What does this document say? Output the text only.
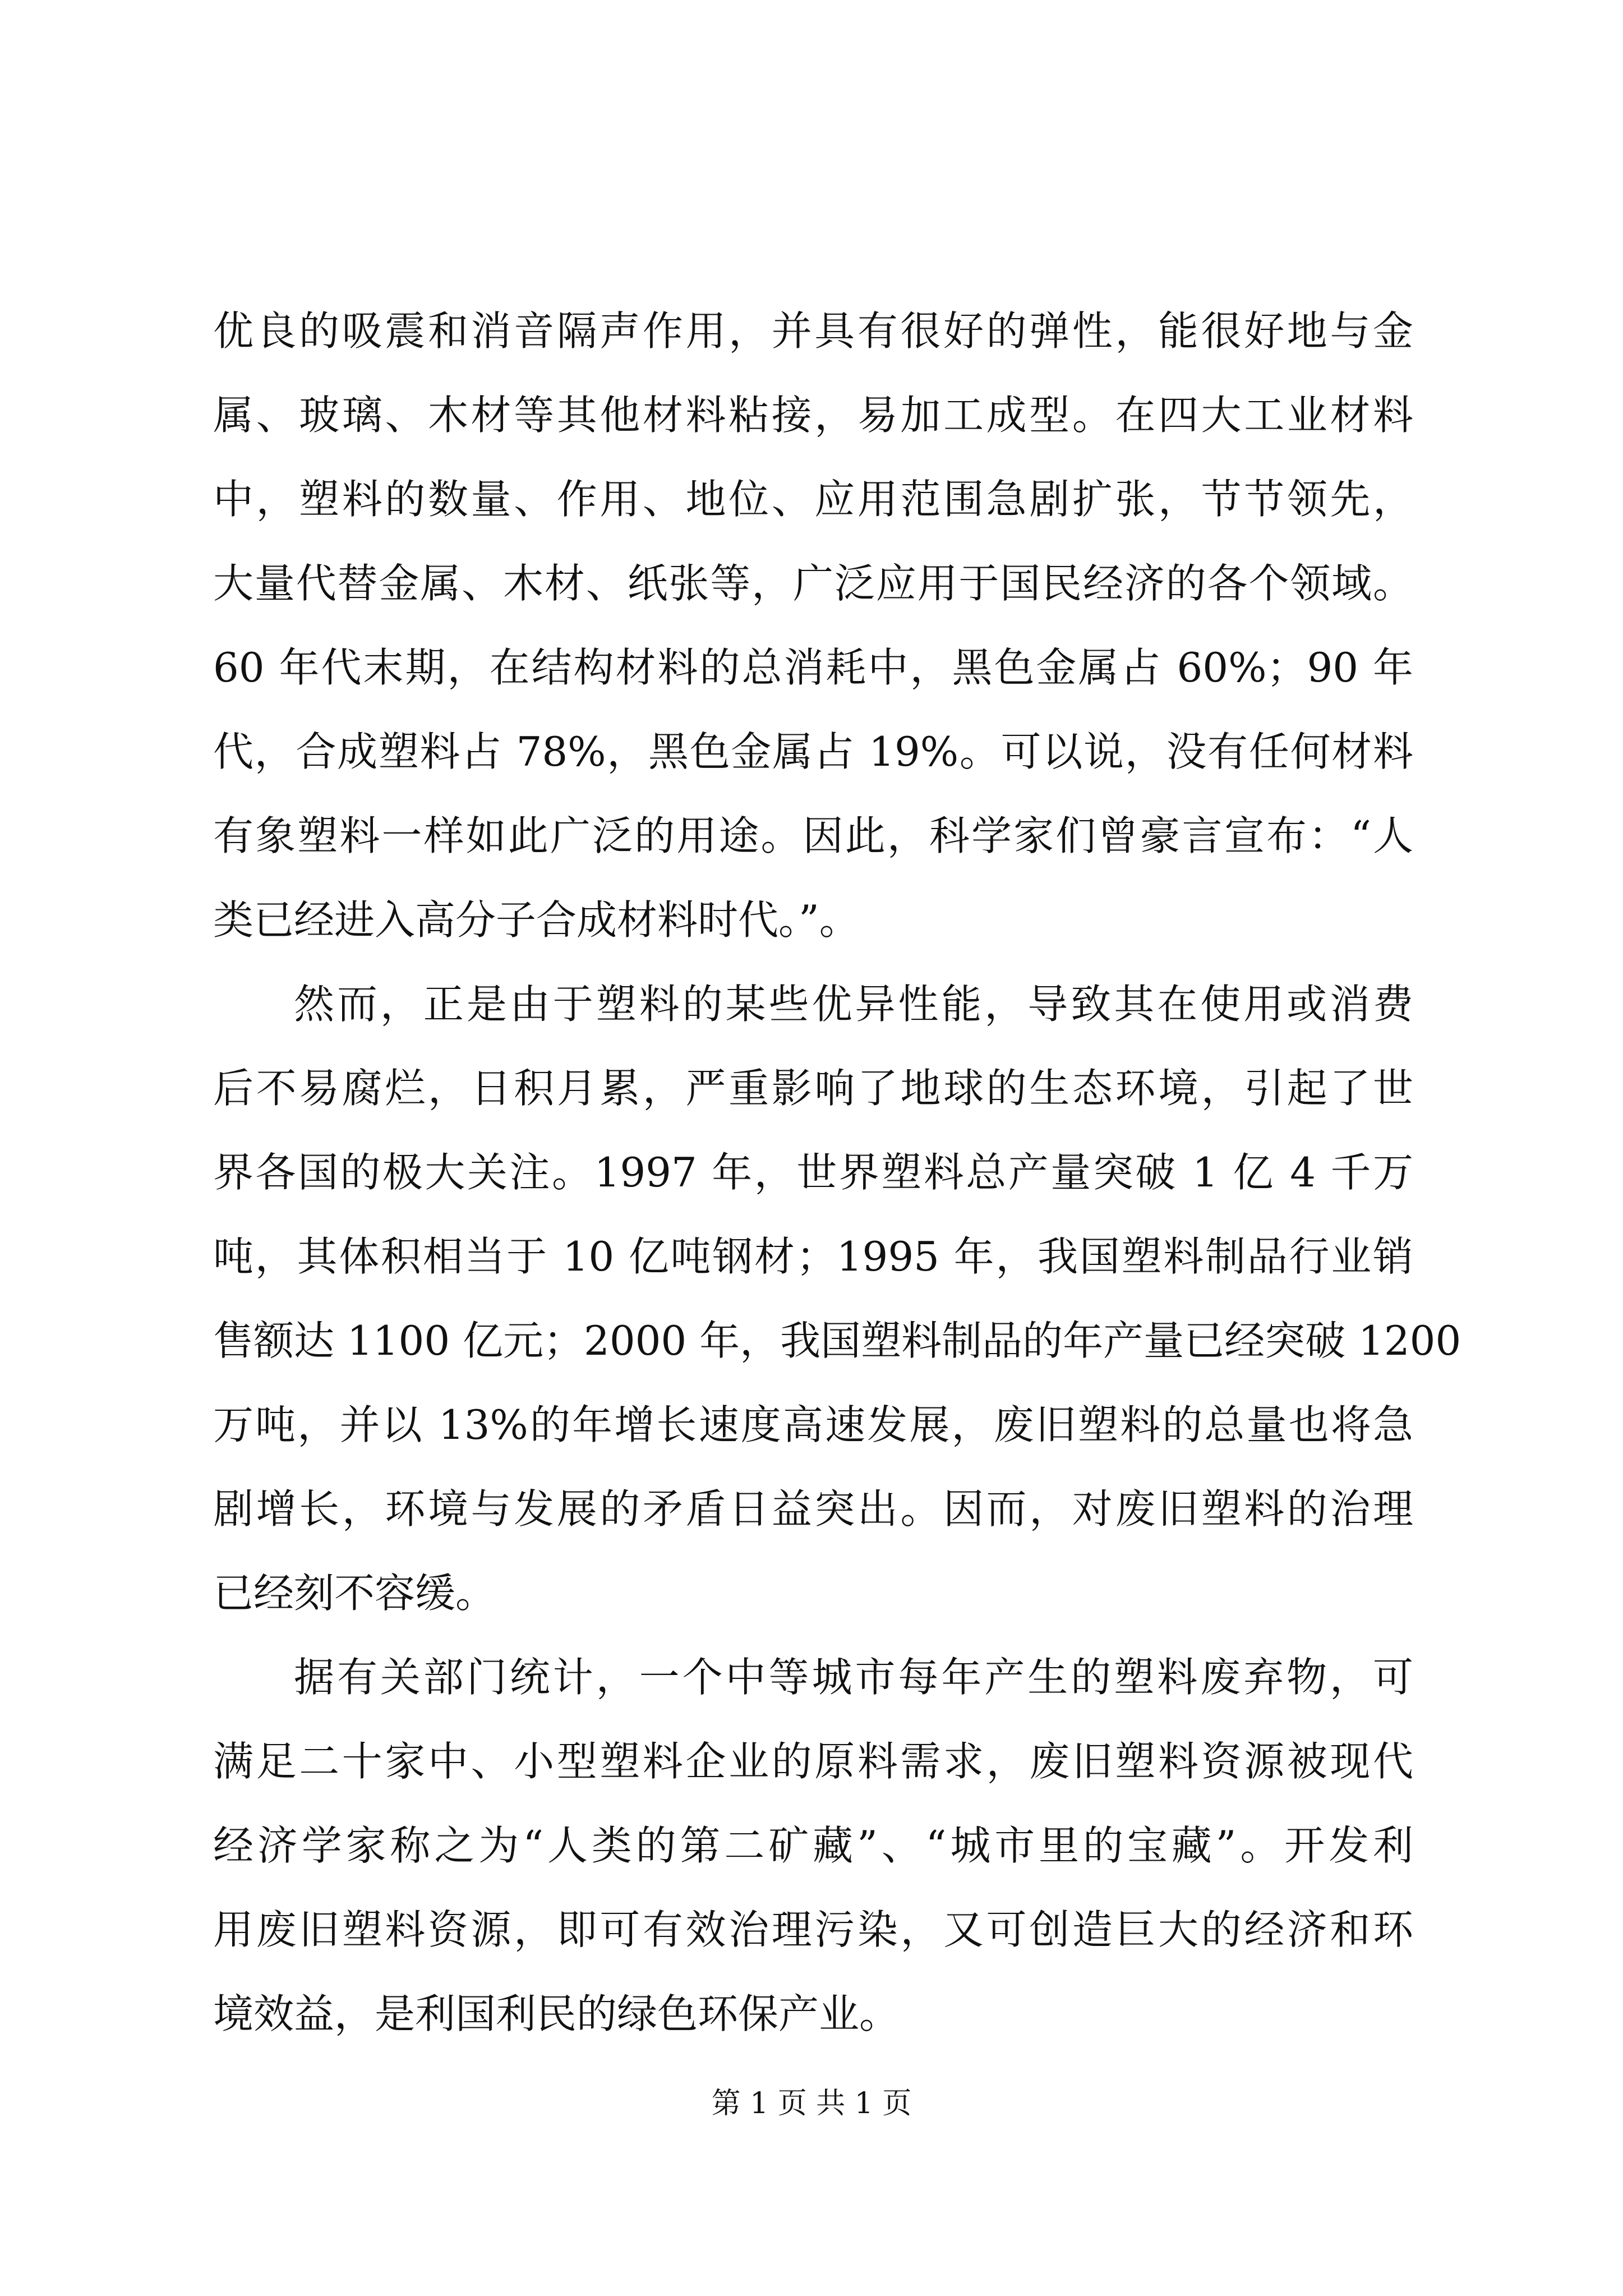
优良的吸震和消音隔声作用，并具有很好的弹性，能很好地与金

属、玻璃、木材等其他材料粘接，易加工成型。在四大工业材料

中，塑料的数量、作用、地位、应用范围急剧扩张，节节领先，

大量代替金属、木材、纸张等，广泛应用于国民经济的各个领域。

60 年代末期，在结构材料的总消耗中，黑色金属占 60%；90 年

代，合成塑料占 78%，黑色金属占 19%。可以说，没有任何材料

有象塑料一样如此广泛的用途。因此，科学家们曾豪言宣布：“人

类已经进入高分子合成材料时代。”。

然而，正是由于塑料的某些优异性能，导致其在使用或消费

后不易腐烂，日积月累，严重影响了地球的生态环境，引起了世

界各国的极大关注。1997 年，世界塑料总产量突破 1 亿 4 千万

吨，其体积相当于 10 亿吨钢材；1995 年，我国塑料制品行业销

售额达 1100 亿元；2000 年，我国塑料制品的年产量已经突破 1200

万吨，并以 13%的年增长速度高速发展，废旧塑料的总量也将急

剧增长，环境与发展的矛盾日益突出。因而，对废旧塑料的治理

已经刻不容缓。

据有关部门统计，一个中等城市每年产生的塑料废弃物，可

满足二十家中、小型塑料企业的原料需求，废旧塑料资源被现代

经济学家称之为“人类的第二矿藏”、“城市里的宝藏”。开发利

用废旧塑料资源，即可有效治理污染，又可创造巨大的经济和环

境效益，是利国利民的绿色环保产业。

第 1 页 共 1 页
